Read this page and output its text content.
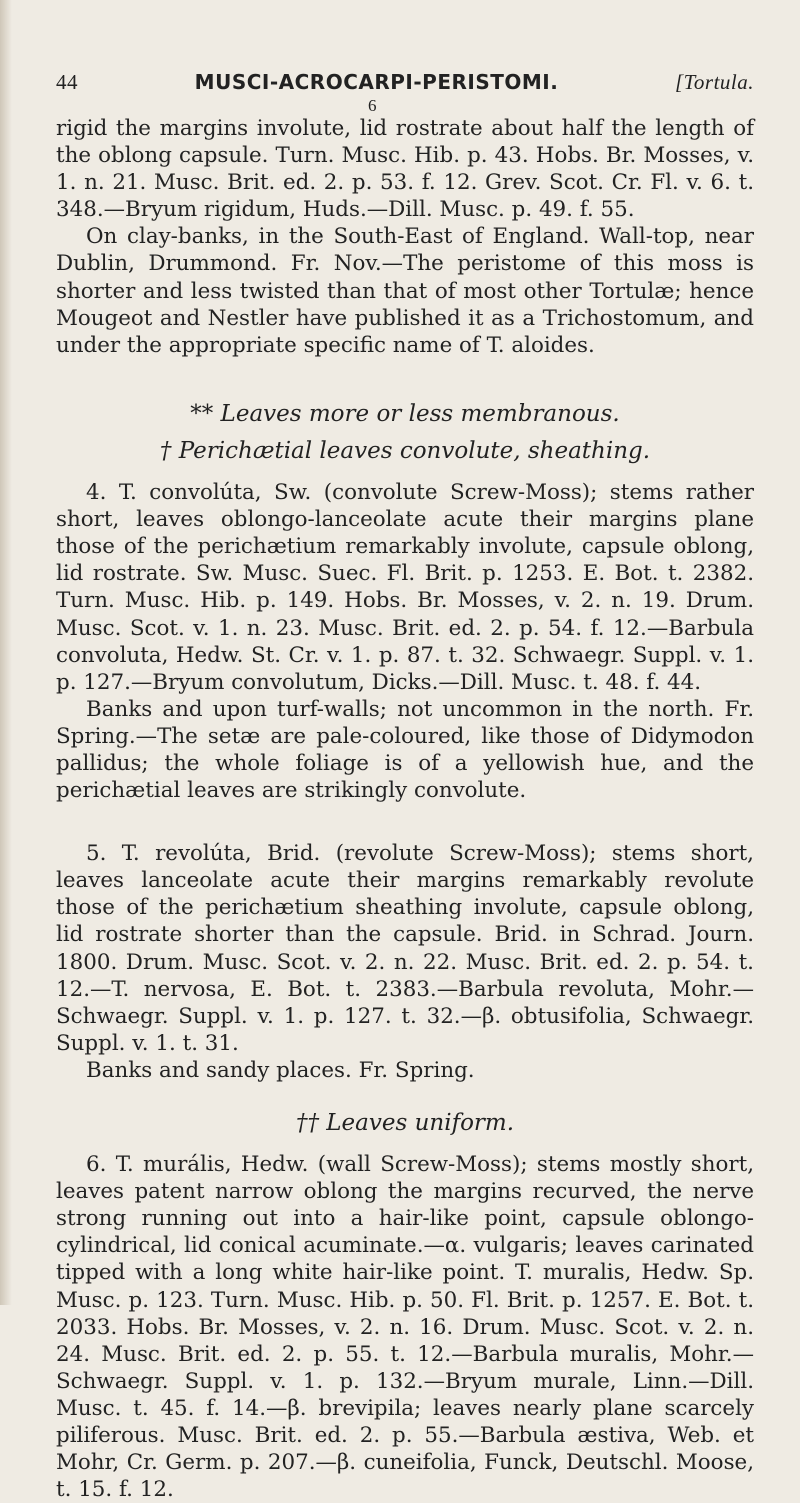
44	MUSCI-ACROCARPI-PERISTOMI.	[Tortula.
6

rigid the margins involute, lid rostrate about half the length of the oblong capsule. Turn. Musc. Hib. p. 43. Hobs. Br. Mosses, v. 1. n. 21. Musc. Brit. ed. 2. p. 53. f. 12. Grev. Scot. Cr. Fl. v. 6. t. 348.—Bryum rigidum, Huds.—Dill. Musc. p. 49. f. 55.

On clay-banks, in the South-East of England. Wall-top, near Dublin, Drummond. Fr. Nov.—The peristome of this moss is shorter and less twisted than that of most other Tortulæ; hence Mougeot and Nestler have published it as a Trichostomum, and under the appropriate specific name of T. aloides.

** Leaves more or less membranous.
† Perichætial leaves convolute, sheathing.

4. T. convolúta, Sw. (convolute Screw-Moss); stems rather short, leaves oblongo-lanceolate acute their margins plane those of the perichætium remarkably involute, capsule oblong, lid rostrate. Sw. Musc. Suec. Fl. Brit. p. 1253. E. Bot. t. 2382. Turn. Musc. Hib. p. 149. Hobs. Br. Mosses, v. 2. n. 19. Drum. Musc. Scot. v. 1. n. 23. Musc. Brit. ed. 2. p. 54. f. 12.—Barbula convoluta, Hedw. St. Cr. v. 1. p. 87. t. 32. Schwaegr. Suppl. v. 1. p. 127.—Bryum convolutum, Dicks.—Dill. Musc. t. 48. f. 44.

Banks and upon turf-walls; not uncommon in the north. Fr. Spring.—The setæ are pale-coloured, like those of Didymodon pallidus; the whole foliage is of a yellowish hue, and the perichætial leaves are strikingly convolute.

5. T. revolúta, Brid. (revolute Screw-Moss); stems short, leaves lanceolate acute their margins remarkably revolute those of the perichætium sheathing involute, capsule oblong, lid rostrate shorter than the capsule. Brid. in Schrad. Journ. 1800. Drum. Musc. Scot. v. 2. n. 22. Musc. Brit. ed. 2. p. 54. t. 12.—T. nervosa, E. Bot. t. 2383.—Barbula revoluta, Mohr.—Schwaegr. Suppl. v. 1. p. 127. t. 32.—β. obtusifolia, Schwaegr. Suppl. v. 1. t. 31.

Banks and sandy places. Fr. Spring.

†† Leaves uniform.

6. T. murális, Hedw. (wall Screw-Moss); stems mostly short, leaves patent narrow oblong the margins recurved, the nerve strong running out into a hair-like point, capsule oblongo-cylindrical, lid conical acuminate.—α. vulgaris; leaves carinated tipped with a long white hair-like point. T. muralis, Hedw. Sp. Musc. p. 123. Turn. Musc. Hib. p. 50. Fl. Brit. p. 1257. E. Bot. t. 2033. Hobs. Br. Mosses, v. 2. n. 16. Drum. Musc. Scot. v. 2. n. 24. Musc. Brit. ed. 2. p. 55. t. 12.—Barbula muralis, Mohr.—Schwaegr. Suppl. v. 1. p. 132.—Bryum murale, Linn.—Dill. Musc. t. 45. f. 14.—β. brevipila; leaves nearly plane scarcely piliferous. Musc. Brit. ed. 2. p. 55.—Barbula æstiva, Web. et Mohr, Cr. Germ. p. 207.—β. cuneifolia, Funck, Deutschl. Moose, t. 15. f. 12.
